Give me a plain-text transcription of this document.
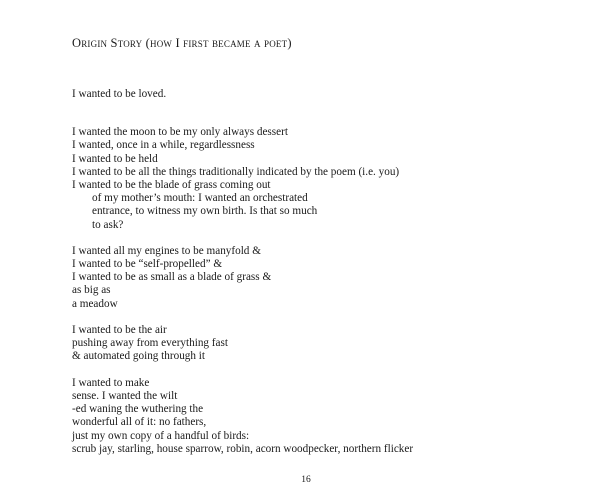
Origin Story (how I first became a poet)
I wanted to be loved.
I wanted the moon to be my only always dessert
I wanted, once in a while, regardlessness
I wanted to be held
I wanted to be all the things traditionally indicated by the poem (i.e. you)
I wanted to be the blade of grass coming out
of my mother’s mouth: I wanted an orchestrated
entrance, to witness my own birth. Is that so much
to ask?
I wanted all my engines to be manyfold &
I wanted to be “self-propelled” &
I wanted to be as small as a blade of grass &
as big as
a meadow
I wanted to be the air
pushing away from everything fast
& automated going through it
I wanted to make
sense. I wanted the wilt
-ed waning the wuthering the
wonderful all of it: no fathers,
just my own copy of a handful of birds:
scrub jay, starling, house sparrow, robin, acorn woodpecker, northern flicker
16
